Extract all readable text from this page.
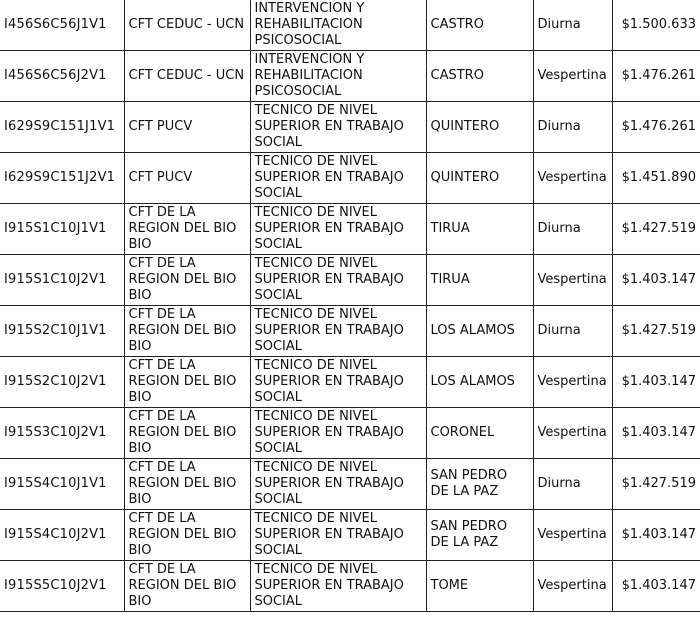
I456S6C56J1V1	CFT CEDUC - UCN	INTERVENCION Y REHABILITACION PSICOSOCIAL	CASTRO	Diurna	$1.500.633
I456S6C56J2V1	CFT CEDUC - UCN	INTERVENCION Y REHABILITACION PSICOSOCIAL	CASTRO	Vespertina	$1.476.261
I629S9C151J1V1	CFT PUCV	TECNICO DE NIVEL SUPERIOR EN TRABAJO SOCIAL	QUINTERO	Diurna	$1.476.261
I629S9C151J2V1	CFT PUCV	TECNICO DE NIVEL SUPERIOR EN TRABAJO SOCIAL	QUINTERO	Vespertina	$1.451.890
I915S1C10J1V1	CFT DE LA REGION DEL BIO BIO	TECNICO DE NIVEL SUPERIOR EN TRABAJO SOCIAL	TIRUA	Diurna	$1.427.519
I915S1C10J2V1	CFT DE LA REGION DEL BIO BIO	TECNICO DE NIVEL SUPERIOR EN TRABAJO SOCIAL	TIRUA	Vespertina	$1.403.147
I915S2C10J1V1	CFT DE LA REGION DEL BIO BIO	TECNICO DE NIVEL SUPERIOR EN TRABAJO SOCIAL	LOS ALAMOS	Diurna	$1.427.519
I915S2C10J2V1	CFT DE LA REGION DEL BIO BIO	TECNICO DE NIVEL SUPERIOR EN TRABAJO SOCIAL	LOS ALAMOS	Vespertina	$1.403.147
I915S3C10J2V1	CFT DE LA REGION DEL BIO BIO	TECNICO DE NIVEL SUPERIOR EN TRABAJO SOCIAL	CORONEL	Vespertina	$1.403.147
I915S4C10J1V1	CFT DE LA REGION DEL BIO BIO	TECNICO DE NIVEL SUPERIOR EN TRABAJO SOCIAL	SAN PEDRO DE LA PAZ	Diurna	$1.427.519
I915S4C10J2V1	CFT DE LA REGION DEL BIO BIO	TECNICO DE NIVEL SUPERIOR EN TRABAJO SOCIAL	SAN PEDRO DE LA PAZ	Vespertina	$1.403.147
I915S5C10J2V1	CFT DE LA REGION DEL BIO BIO	TECNICO DE NIVEL SUPERIOR EN TRABAJO SOCIAL	TOME	Vespertina	$1.403.147
